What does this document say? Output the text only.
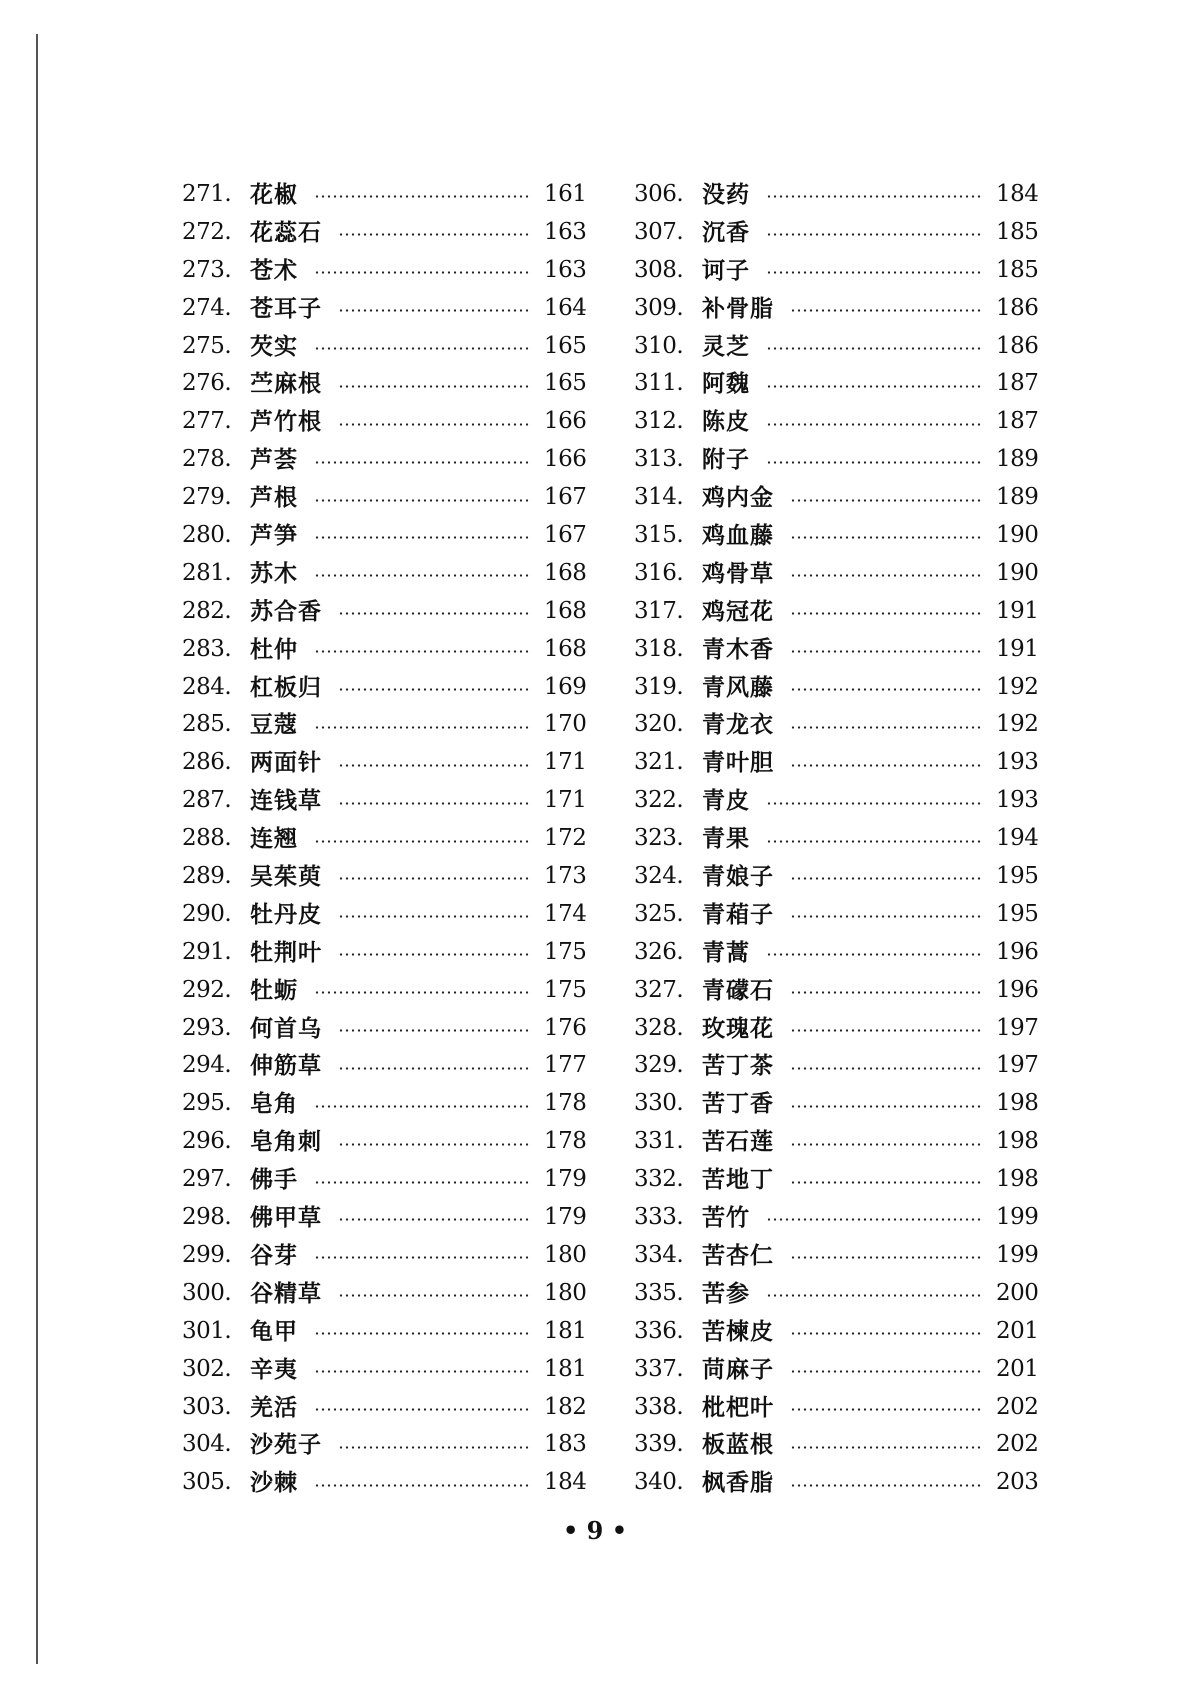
271. 花椒	161
272. 花蕊石	163
273. 苍术	163
274. 苍耳子	164
275. 芡实	165
276. 苎麻根	165
277. 芦竹根	166
278. 芦荟	166
279. 芦根	167
280. 芦笋	167
281. 苏木	168
282. 苏合香	168
283. 杜仲	168
284. 杠板归	169
285. 豆蔻	170
286. 两面针	171
287. 连钱草	171
288. 连翘	172
289. 吴茱萸	173
290. 牡丹皮	174
291. 牡荆叶	175
292. 牡蛎	175
293. 何首乌	176
294. 伸筋草	177
295. 皂角	178
296. 皂角刺	178
297. 佛手	179
298. 佛甲草	179
299. 谷芽	180
300. 谷精草	180
301. 龟甲	181
302. 辛夷	181
303. 羌活	182
304. 沙苑子	183
305. 沙棘	184
306. 没药	184
307. 沉香	185
308. 诃子	185
309. 补骨脂	186
310. 灵芝	186
311. 阿魏	187
312. 陈皮	187
313. 附子	189
314. 鸡内金	189
315. 鸡血藤	190
316. 鸡骨草	190
317. 鸡冠花	191
318. 青木香	191
319. 青风藤	192
320. 青龙衣	192
321. 青叶胆	193
322. 青皮	193
323. 青果	194
324. 青娘子	195
325. 青葙子	195
326. 青蒿	196
327. 青礞石	196
328. 玫瑰花	197
329. 苦丁茶	197
330. 苦丁香	198
331. 苦石莲	198
332. 苦地丁	198
333. 苦竹	199
334. 苦杏仁	199
335. 苦参	200
336. 苦楝皮	201
337. 苘麻子	201
338. 枇杷叶	202
339. 板蓝根	202
340. 枫香脂	203
• 9 •
